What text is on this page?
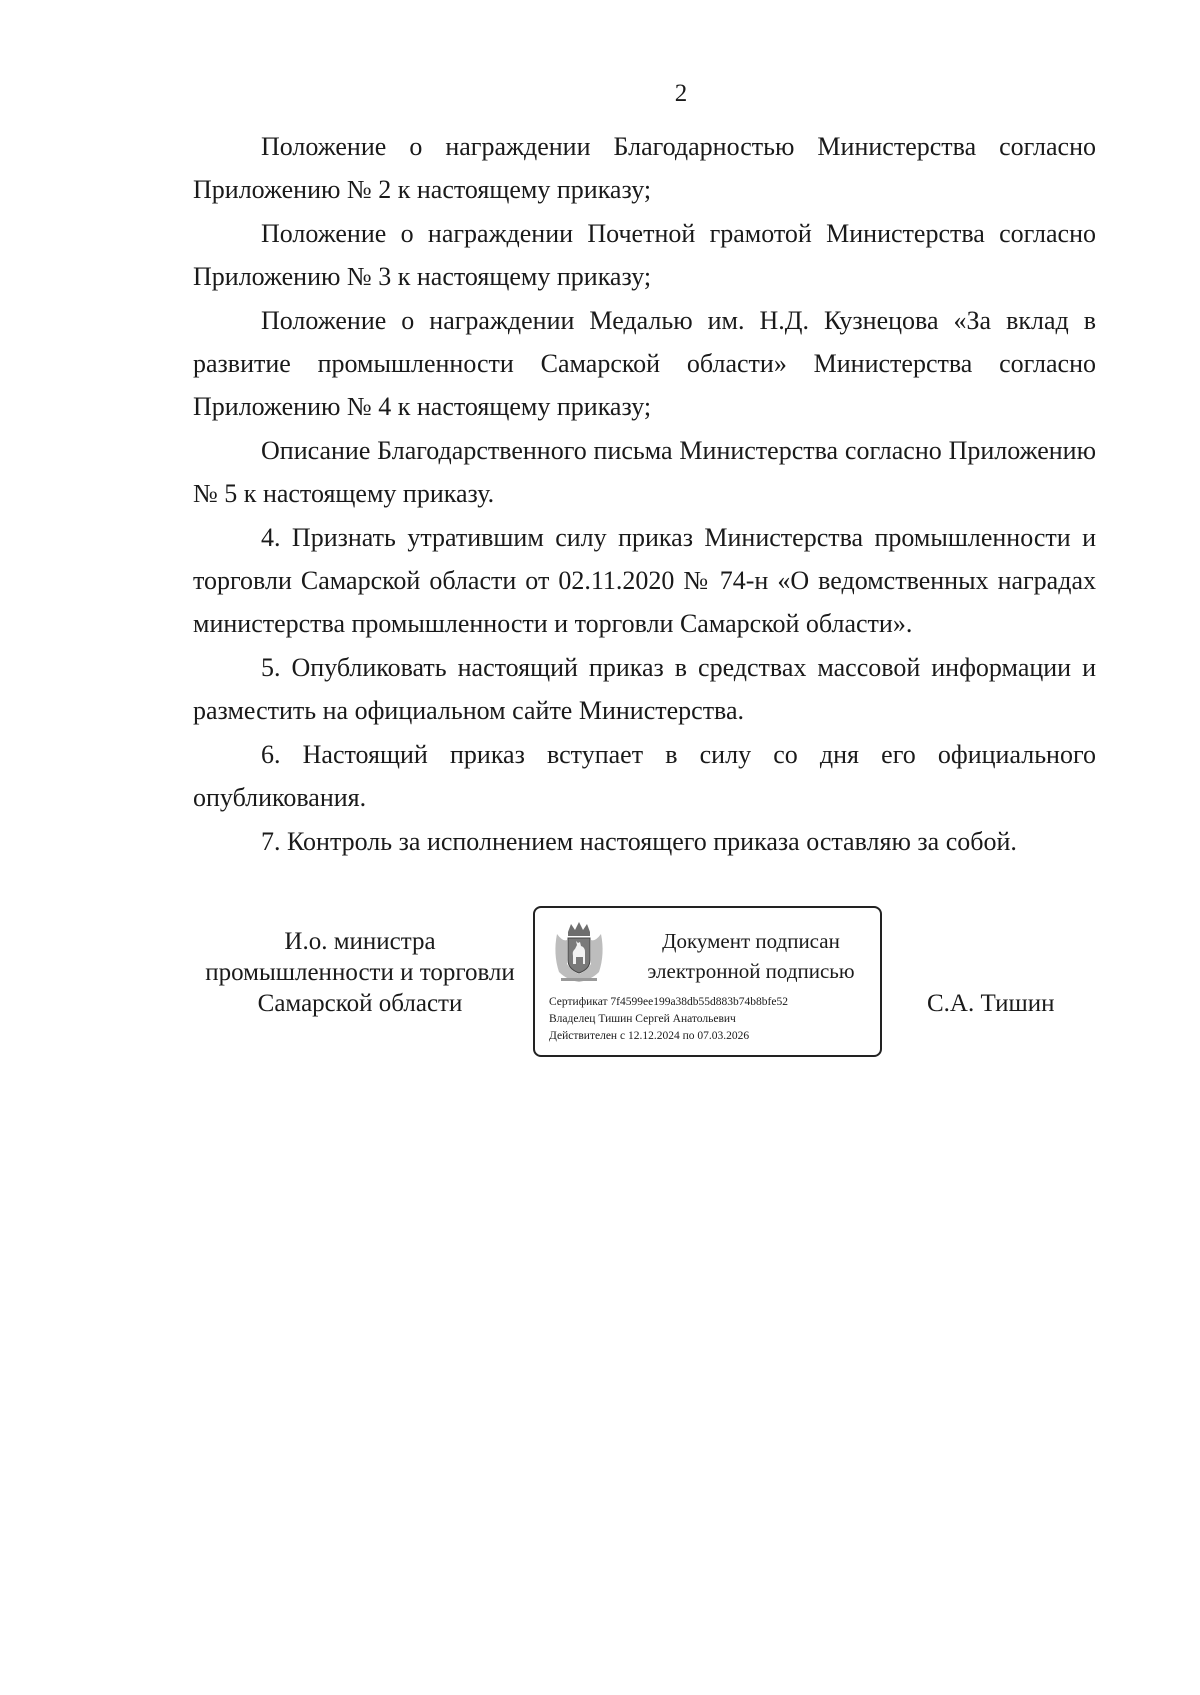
2

Положение о награждении Благодарностью Министерства согласно Приложению № 2 к настоящему приказу;

Положение о награждении Почетной грамотой Министерства согласно Приложению № 3 к настоящему приказу;

Положение о награждении Медалью им. Н.Д. Кузнецова «За вклад в развитие промышленности Самарской области» Министерства согласно Приложению № 4 к настоящему приказу;

Описание Благодарственного письма Министерства согласно Приложению № 5 к настоящему приказу.

4. Признать утратившим силу приказ Министерства промышленности и торговли Самарской области от 02.11.2020 № 74-н «О ведомственных наградах министерства промышленности и торговли Самарской области».

5. Опубликовать настоящий приказ в средствах массовой информации и разместить на официальном сайте Министерства.

6. Настоящий приказ вступает в силу со дня его официального опубликования.

7. Контроль за исполнением настоящего приказа оставляю за собой.

И.о. министра
промышленности и торговли
Самарской области
Документ подписан
электронной подписью
Сертификат 7f4599ee199a38db55d883b74b8bfe52
Владелец Тишин Сергей Анатольевич
Действителен с 12.12.2024 по 07.03.2026
С.А. Тишин
